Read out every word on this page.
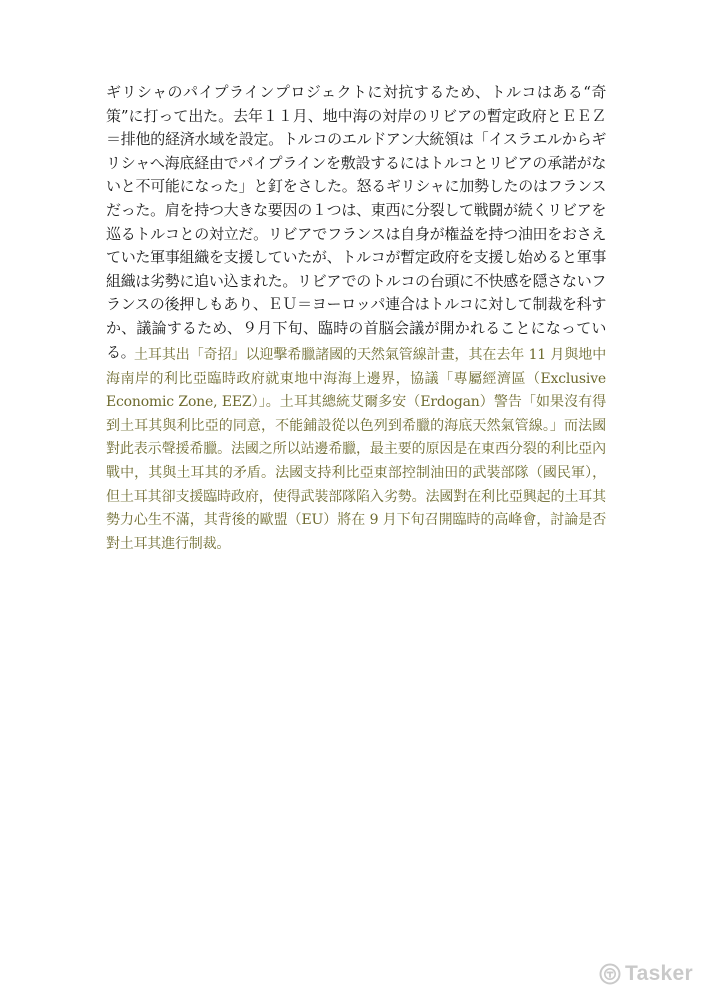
ギリシャのパイプラインプロジェクトに対抗するため、トルコはある“奇策”に打って出た。去年１１月、地中海の対岸のリビアの暫定政府とＥＥＺ＝排他的経済水域を設定。トルコのエルドアン大統領は「イスラエルからギリシャへ海底経由でパイプラインを敷設するにはトルコとリビアの承諾がないと不可能になった」と釘をさした。怒るギリシャに加勢したのはフランスだった。肩を持つ大きな要因の１つは、東西に分裂して戦闘が続くリビアを巡るトルコとの対立だ。リビアでフランスは自身が権益を持つ油田をおさえていた軍事組織を支援していたが、トルコが暫定政府を支援し始めると軍事組織は劣勢に追い込まれた。リビアでのトルコの台頭に不快感を隠さないフランスの後押しもあり、ＥＵ＝ヨーロッパ連合はトルコに対して制裁を科すか、議論するため、９月下旬、臨時の首脳会議が開かれることになっている。

土耳其出「奇招」以迎擊希臘諸國的天然氣管線計畫，其在去年 11 月與地中海南岸的利比亞臨時政府就東地中海海上邊界，協議「專屬經濟區（Exclusive Economic Zone, EEZ）」。土耳其總統艾爾多安（Erdogan）警告「如果沒有得到土耳其與利比亞的同意，不能鋪設從以色列到希臘的海底天然氣管線。」而法國對此表示聲援希臘。法國之所以站邊希臘，最主要的原因是在東西分裂的利比亞內戰中，其與土耳其的矛盾。法國支持利比亞東部控制油田的武裝部隊（國民軍），但土耳其卻支援臨時政府，使得武裝部隊陷入劣勢。法國對在利比亞興起的土耳其勢力心生不滿，其背後的歐盟（EU）將在 9 月下旬召開臨時的高峰會，討論是否對土耳其進行制裁。

Tasker
